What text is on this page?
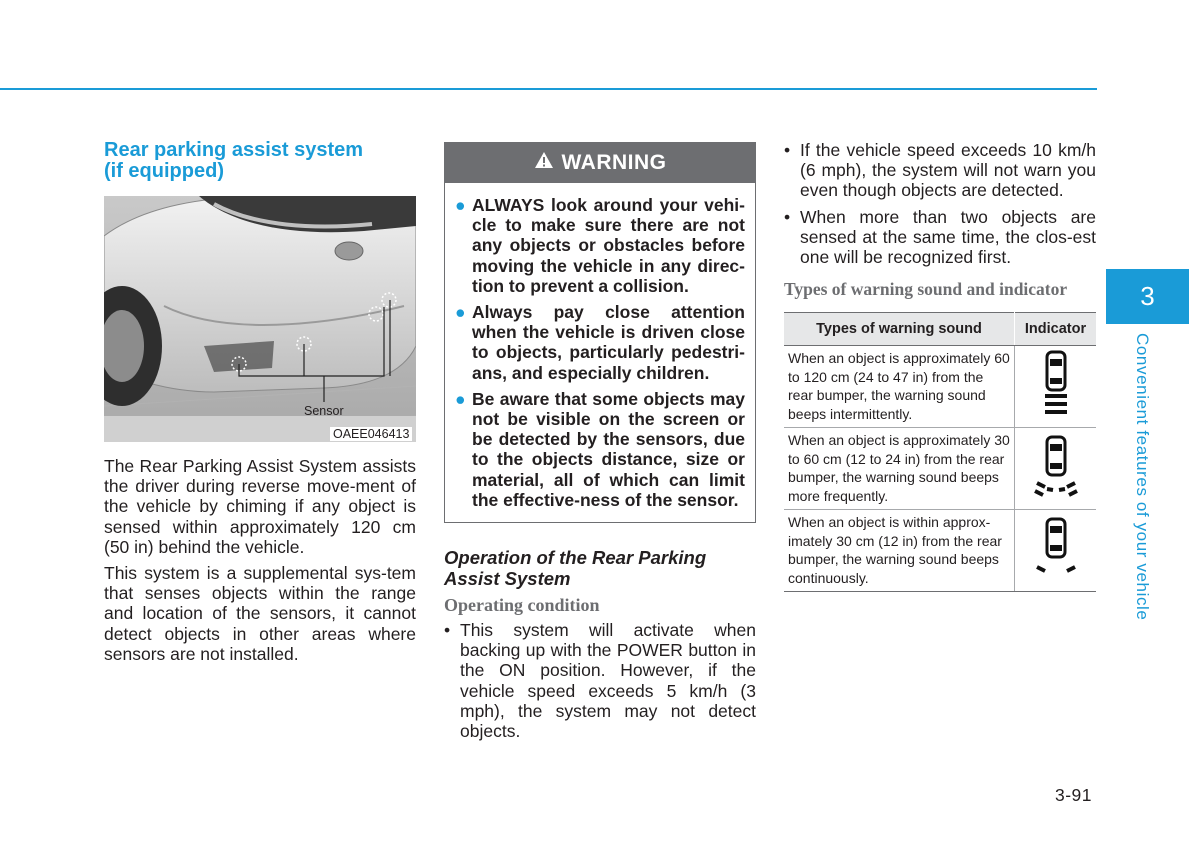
Rear parking assist system
(if equipped)
Sensor
OAEE046413

The Rear Parking Assist System assists the driver during reverse move-ment of the vehicle by chiming if any object is sensed within approximately 120 cm (50 in) behind the vehicle.

This system is a supplemental sys-tem that senses objects within the range and location of the sensors, it cannot detect objects in other areas where sensors are not installed.

WARNING
● ALWAYS look around your vehi-cle to make sure there are not any objects or obstacles before moving the vehicle in any direc-tion to prevent a collision.
● Always pay close attention when the vehicle is driven close to objects, particularly pedestri-ans, and especially children.
● Be aware that some objects may not be visible on the screen or be detected by the sensors, due to the objects distance, size or material, all of which can limit the effective-ness of the sensor.
Operation of the Rear Parking Assist System
Operating condition
• This system will activate when backing up with the POWER button in the ON position. However, if the vehicle speed exceeds 5 km/h (3 mph), the system may not detect objects.
• If the vehicle speed exceeds 10 km/h (6 mph), the system will not warn you even though objects are detected.
• When more than two objects are sensed at the same time, the clos-est one will be recognized first.
Types of warning sound and indicator
Types of warning sound	Indicator
When an object is approximately 60 to 120 cm (24 to 47 in) from the rear bumper, the warning sound beeps intermittently.	
When an object is approximately 30 to 60 cm (12 to 24 in) from the rear bumper, the warning sound beeps more frequently.	
When an object is within approx-imately 30 cm (12 in) from the rear bumper, the warning sound beeps continuously.	
3
Convenient features of your vehicle
3-91
